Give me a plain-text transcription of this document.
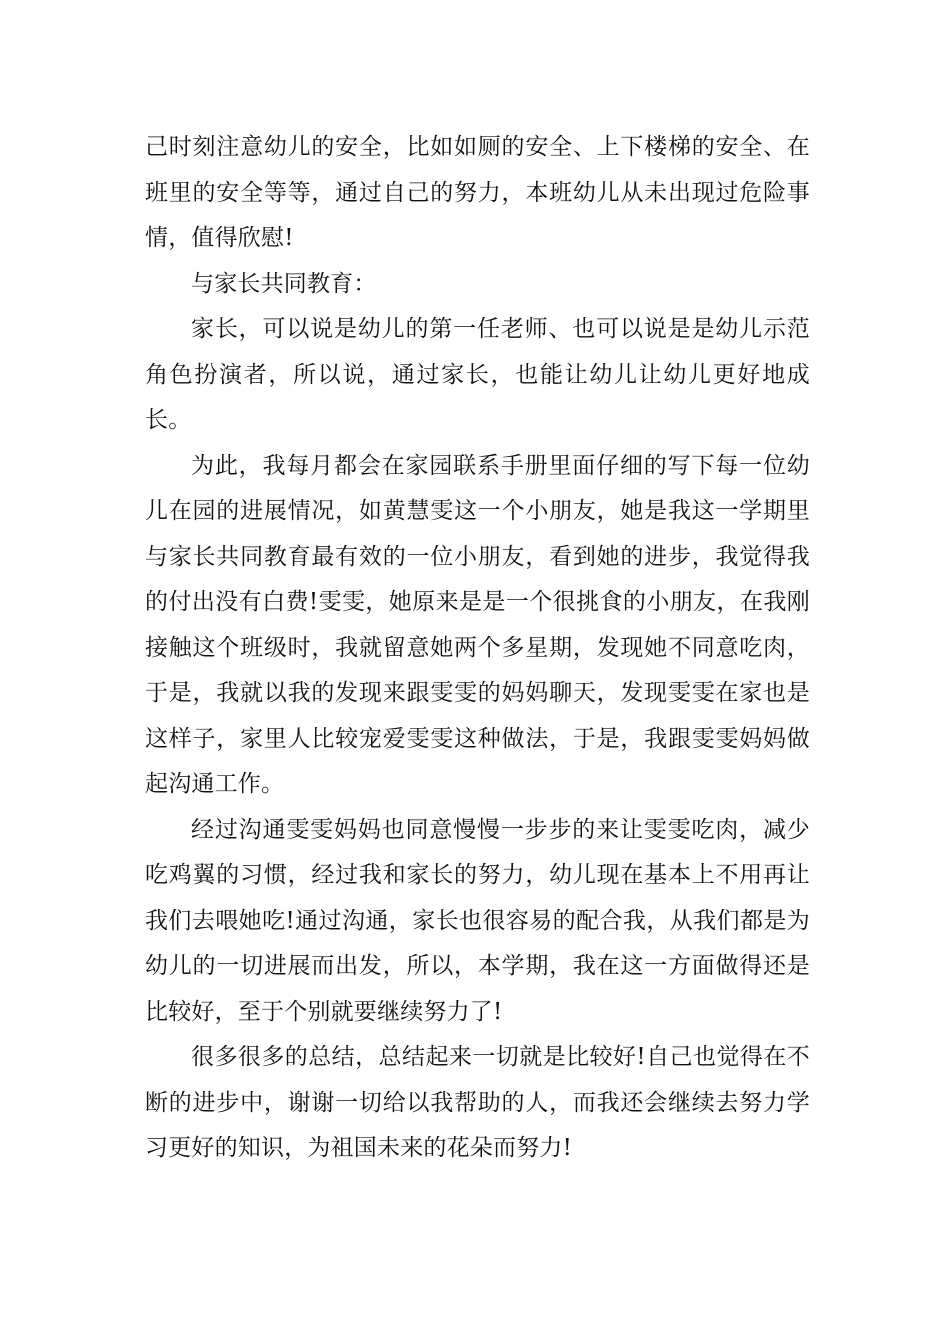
己时刻注意幼儿的安全，比如如厕的安全、上下楼梯的安全、在班里的安全等等，通过自己的努力，本班幼儿从未出现过危险事情，值得欣慰!

与家长共同教育：

家长，可以说是幼儿的第一任老师、也可以说是是幼儿示范角色扮演者，所以说，通过家长，也能让幼儿让幼儿更好地成长。

为此，我每月都会在家园联系手册里面仔细的写下每一位幼儿在园的进展情况，如黄慧雯这一个小朋友，她是我这一学期里与家长共同教育最有效的一位小朋友，看到她的进步，我觉得我的付出没有白费!雯雯，她原来是是一个很挑食的小朋友，在我刚接触这个班级时，我就留意她两个多星期，发现她不同意吃肉，于是，我就以我的发现来跟雯雯的妈妈聊天，发现雯雯在家也是这样子，家里人比较宠爱雯雯这种做法，于是，我跟雯雯妈妈做起沟通工作。

经过沟通雯雯妈妈也同意慢慢一步步的来让雯雯吃肉，减少吃鸡翼的习惯，经过我和家长的努力，幼儿现在基本上不用再让我们去喂她吃!通过沟通，家长也很容易的配合我，从我们都是为幼儿的一切进展而出发，所以，本学期，我在这一方面做得还是比较好，至于个别就要继续努力了!

很多很多的总结，总结起来一切就是比较好!自己也觉得在不断的进步中，谢谢一切给以我帮助的人，而我还会继续去努力学习更好的知识，为祖国未来的花朵而努力!
